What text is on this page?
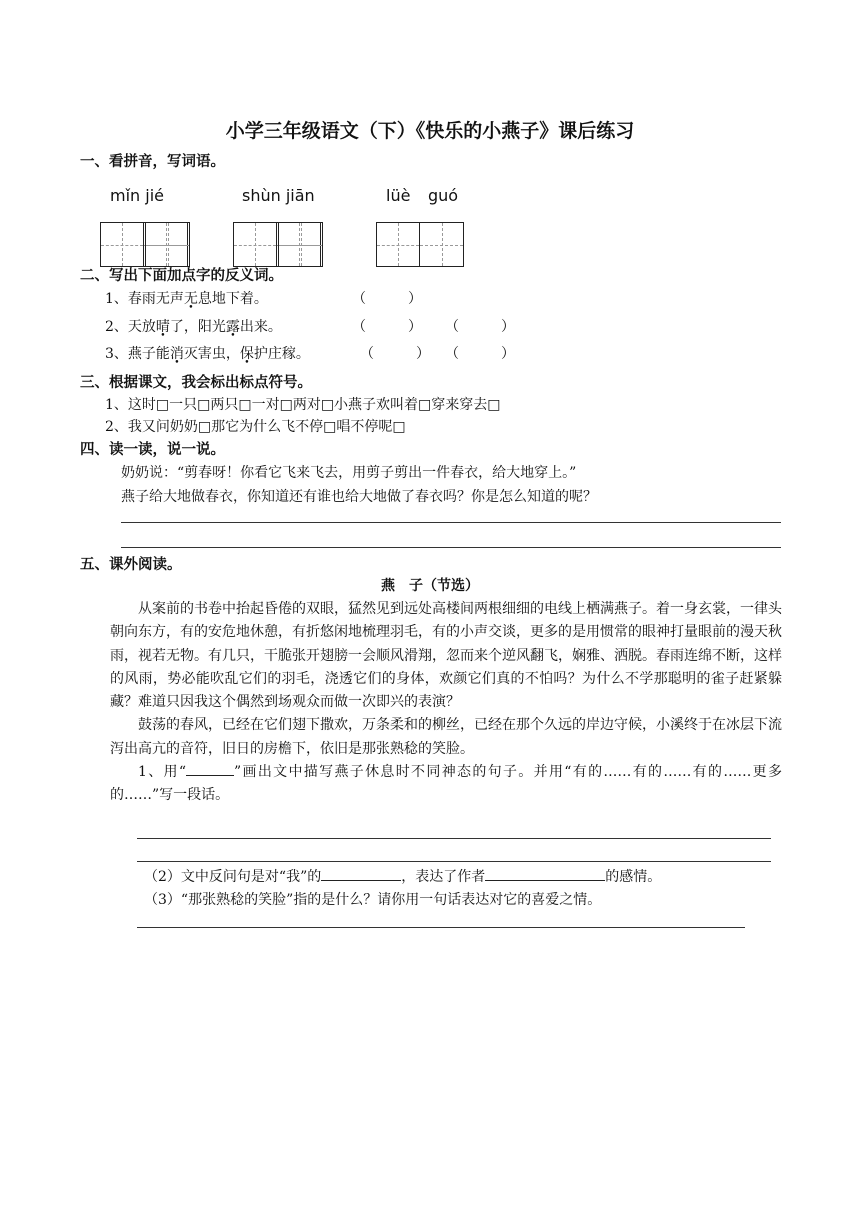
小学三年级语文（下）《快乐的小燕子》课后练习
一、看拼音，写词语。
mǐn jié	shùn jiān	lüè guó
二、写出下面加点字的反义词。
1、春雨无声无息地下着。	（　　　）
2、天放晴了，阳光露出来。	（　　　） （　　　）
3、燕子能消灭害虫，保护庄稼。	（　　　） （　　　）
三、根据课文，我会标出标点符号。
1、这时□一只□两只□一对□两对□小燕子欢叫着□穿来穿去□
2、我又问奶奶□那它为什么飞不停□唱不停呢□
四、读一读，说一说。
奶奶说：“剪春呀！你看它飞来飞去，用剪子剪出一件春衣，给大地穿上。”
燕子给大地做春衣，你知道还有谁也给大地做了春衣吗？你是怎么知道的呢？
五、课外阅读。
燕　子（节选）

从案前的书卷中抬起昏倦的双眼，猛然见到远处高楼间两根细细的电线上栖满燕子。着一身玄裳，一律头朝向东方，有的安危地休憩，有折悠闲地梳理羽毛，有的小声交谈，更多的是用惯常的眼神打量眼前的漫天秋雨，视若无物。有几只，干脆张开翅膀一会顺风滑翔，忽而来个逆风翻飞，娴雅、洒脱。春雨连绵不断，这样的风雨，势必能吹乱它们的羽毛，浇透它们的身体，欢颜它们真的不怕吗？为什么不学那聪明的雀子赶紧躲藏？难道只因我这个偶然到场观众而做一次即兴的表演？

鼓荡的春风，已经在它们翅下撒欢，万条柔和的柳丝，已经在那个久远的岸边守候，小溪终于在冰层下流泻出高亢的音符，旧日的房檐下，依旧是那张熟稔的笑脸。

1、用“	”画出文中描写燕子休息时不同神态的句子。并用“有的……有的……有的……更多的……”写一段话。

（2）文中反问句是对“我”的	，表达了作者	的感情。
（3）“那张熟稔的笑脸”指的是什么？请你用一句话表达对它的喜爱之情。
